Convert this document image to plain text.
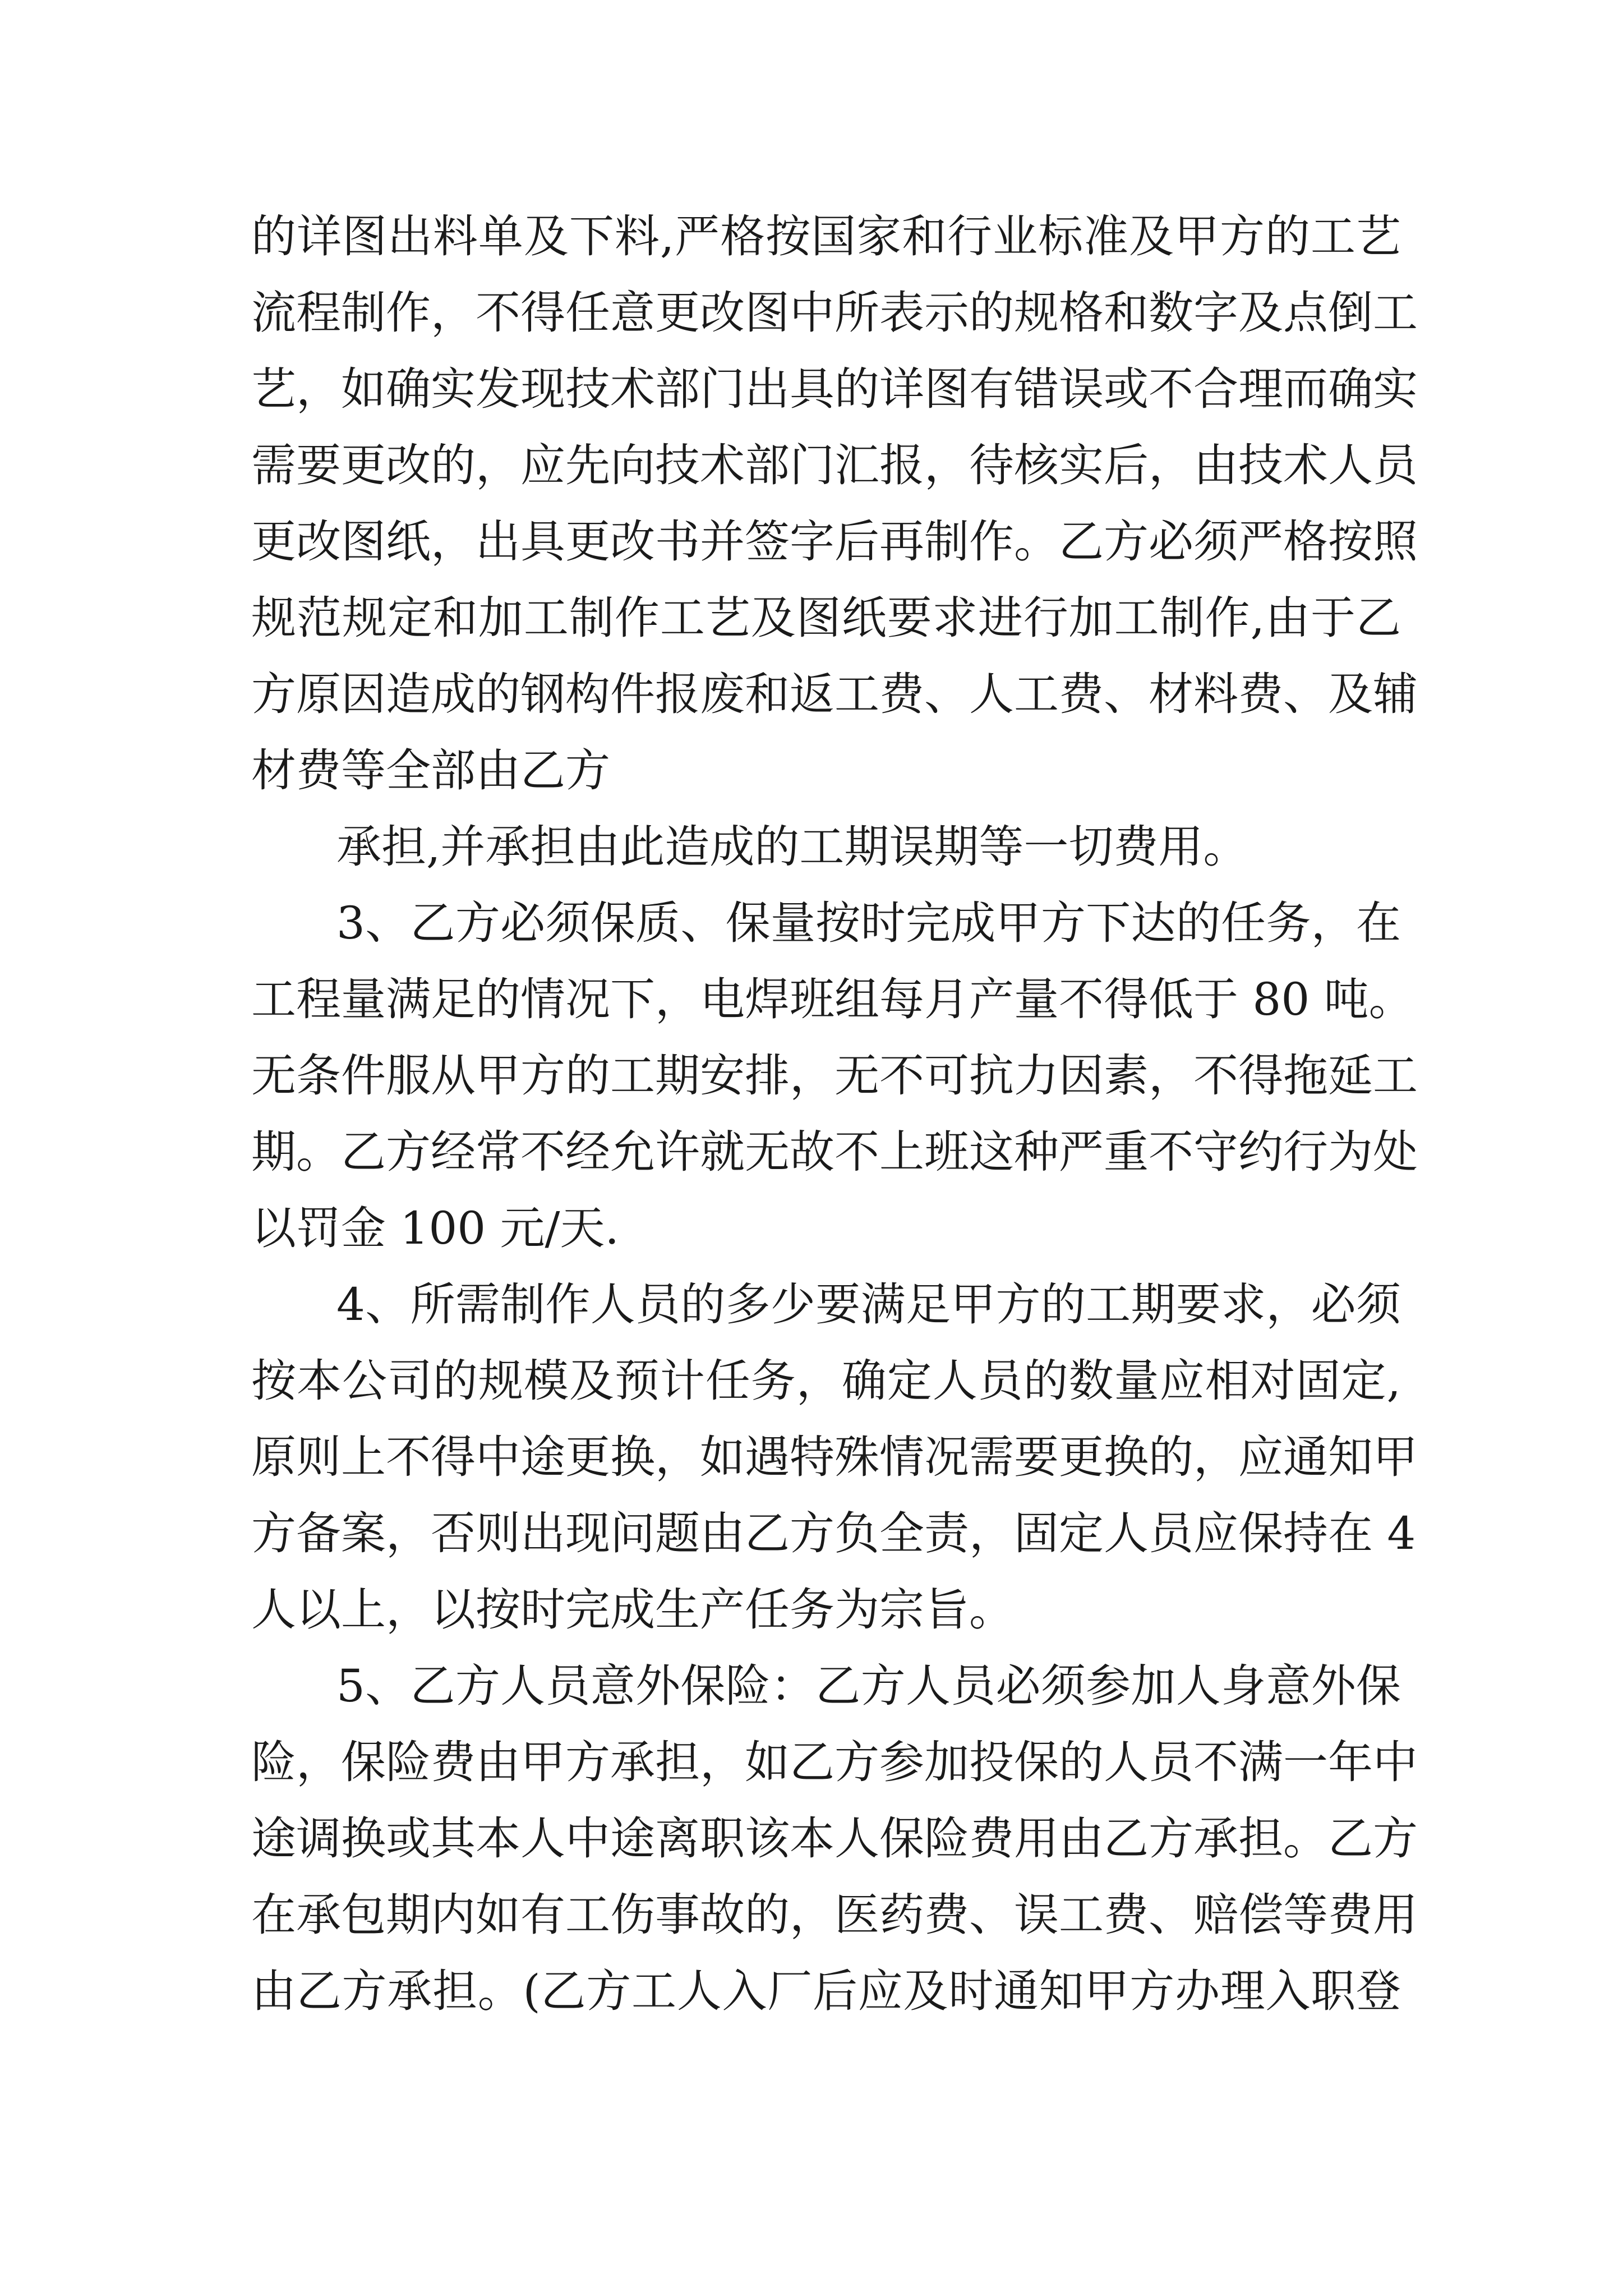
的详图出料单及下料,严格按国家和行业标准及甲方的工艺
流程制作，不得任意更改图中所表示的规格和数字及点倒工
艺，如确实发现技术部门出具的详图有错误或不合理而确实
需要更改的，应先向技术部门汇报，待核实后，由技术人员
更改图纸，出具更改书并签字后再制作。乙方必须严格按照
规范规定和加工制作工艺及图纸要求进行加工制作,由于乙
方原因造成的钢构件报废和返工费、人工费、材料费、及辅
材费等全部由乙方
承担,并承担由此造成的工期误期等一切费用。
3、乙方必须保质、保量按时完成甲方下达的任务，在
工程量满足的情况下，电焊班组每月产量不得低于 80 吨。
无条件服从甲方的工期安排，无不可抗力因素，不得拖延工
期。乙方经常不经允许就无故不上班这种严重不守约行为处
以罚金 100 元/天.
4、所需制作人员的多少要满足甲方的工期要求，必须
按本公司的规模及预计任务，确定人员的数量应相对固定,
原则上不得中途更换，如遇特殊情况需要更换的，应通知甲
方备案，否则出现问题由乙方负全责，固定人员应保持在 4
人以上，以按时完成生产任务为宗旨。
5、乙方人员意外保险：乙方人员必须参加人身意外保
险，保险费由甲方承担，如乙方参加投保的人员不满一年中
途调换或其本人中途离职该本人保险费用由乙方承担。乙方
在承包期内如有工伤事故的，医药费、误工费、赔偿等费用
由乙方承担。(乙方工人入厂后应及时通知甲方办理入职登
